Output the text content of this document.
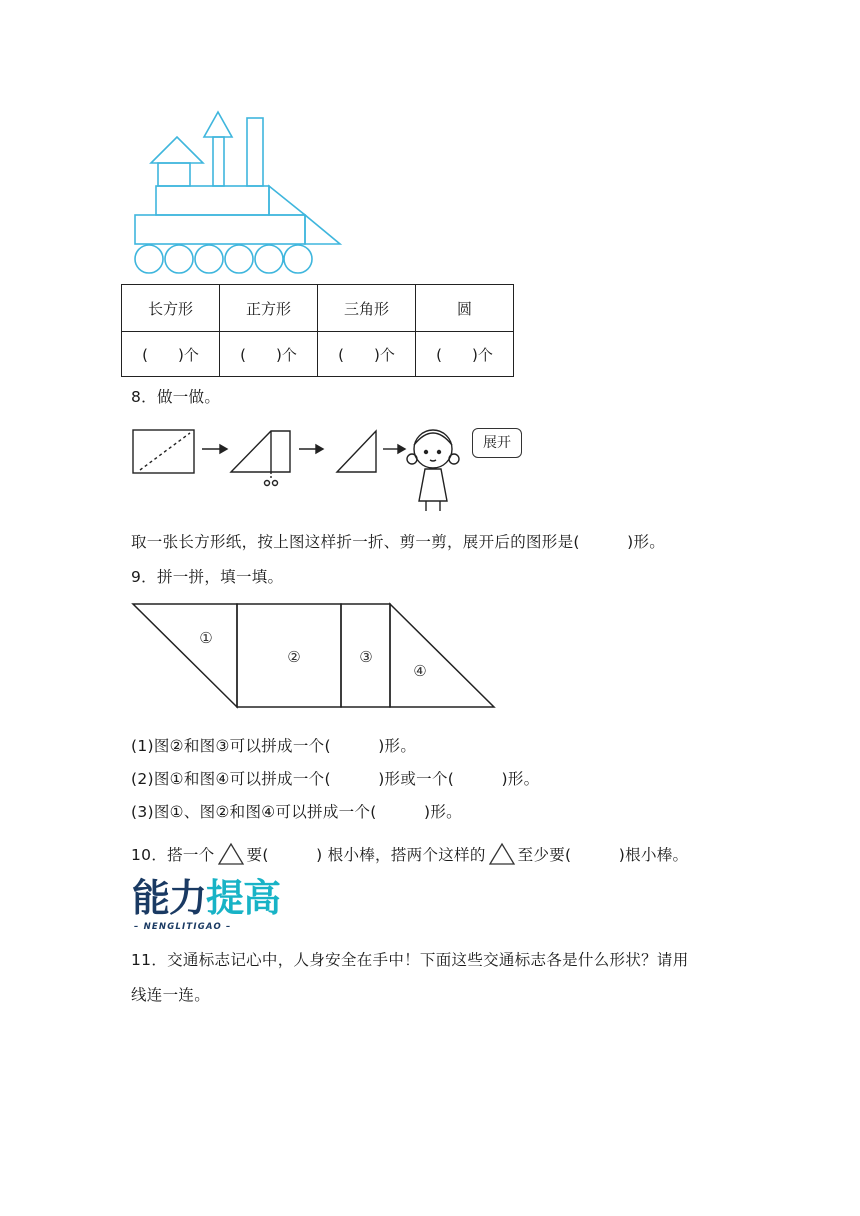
长方形	正方形	三角形	圆
(　　)个	(　　)个	(　　)个	(　　)个
8．做一做。
展开
取一张长方形纸，按上图这样折一折、剪一剪，展开后的图形是(　　　)形。
9．拼一拼，填一填。
①
②	③
④
(1)图②和图③可以拼成一个(　　　)形。
(2)图①和图④可以拼成一个(　　　)形或一个(　　　)形。
(3)图①、图②和图④可以拼成一个(　　　)形。
10．搭一个 要(　　　) 根小棒，搭两个这样的 至少要(　　　)根小棒。
能力提高
– NENGLITIGAO –
11．交通标志记心中，人身安全在手中！下面这些交通标志各是什么形状？请用
线连一连。
